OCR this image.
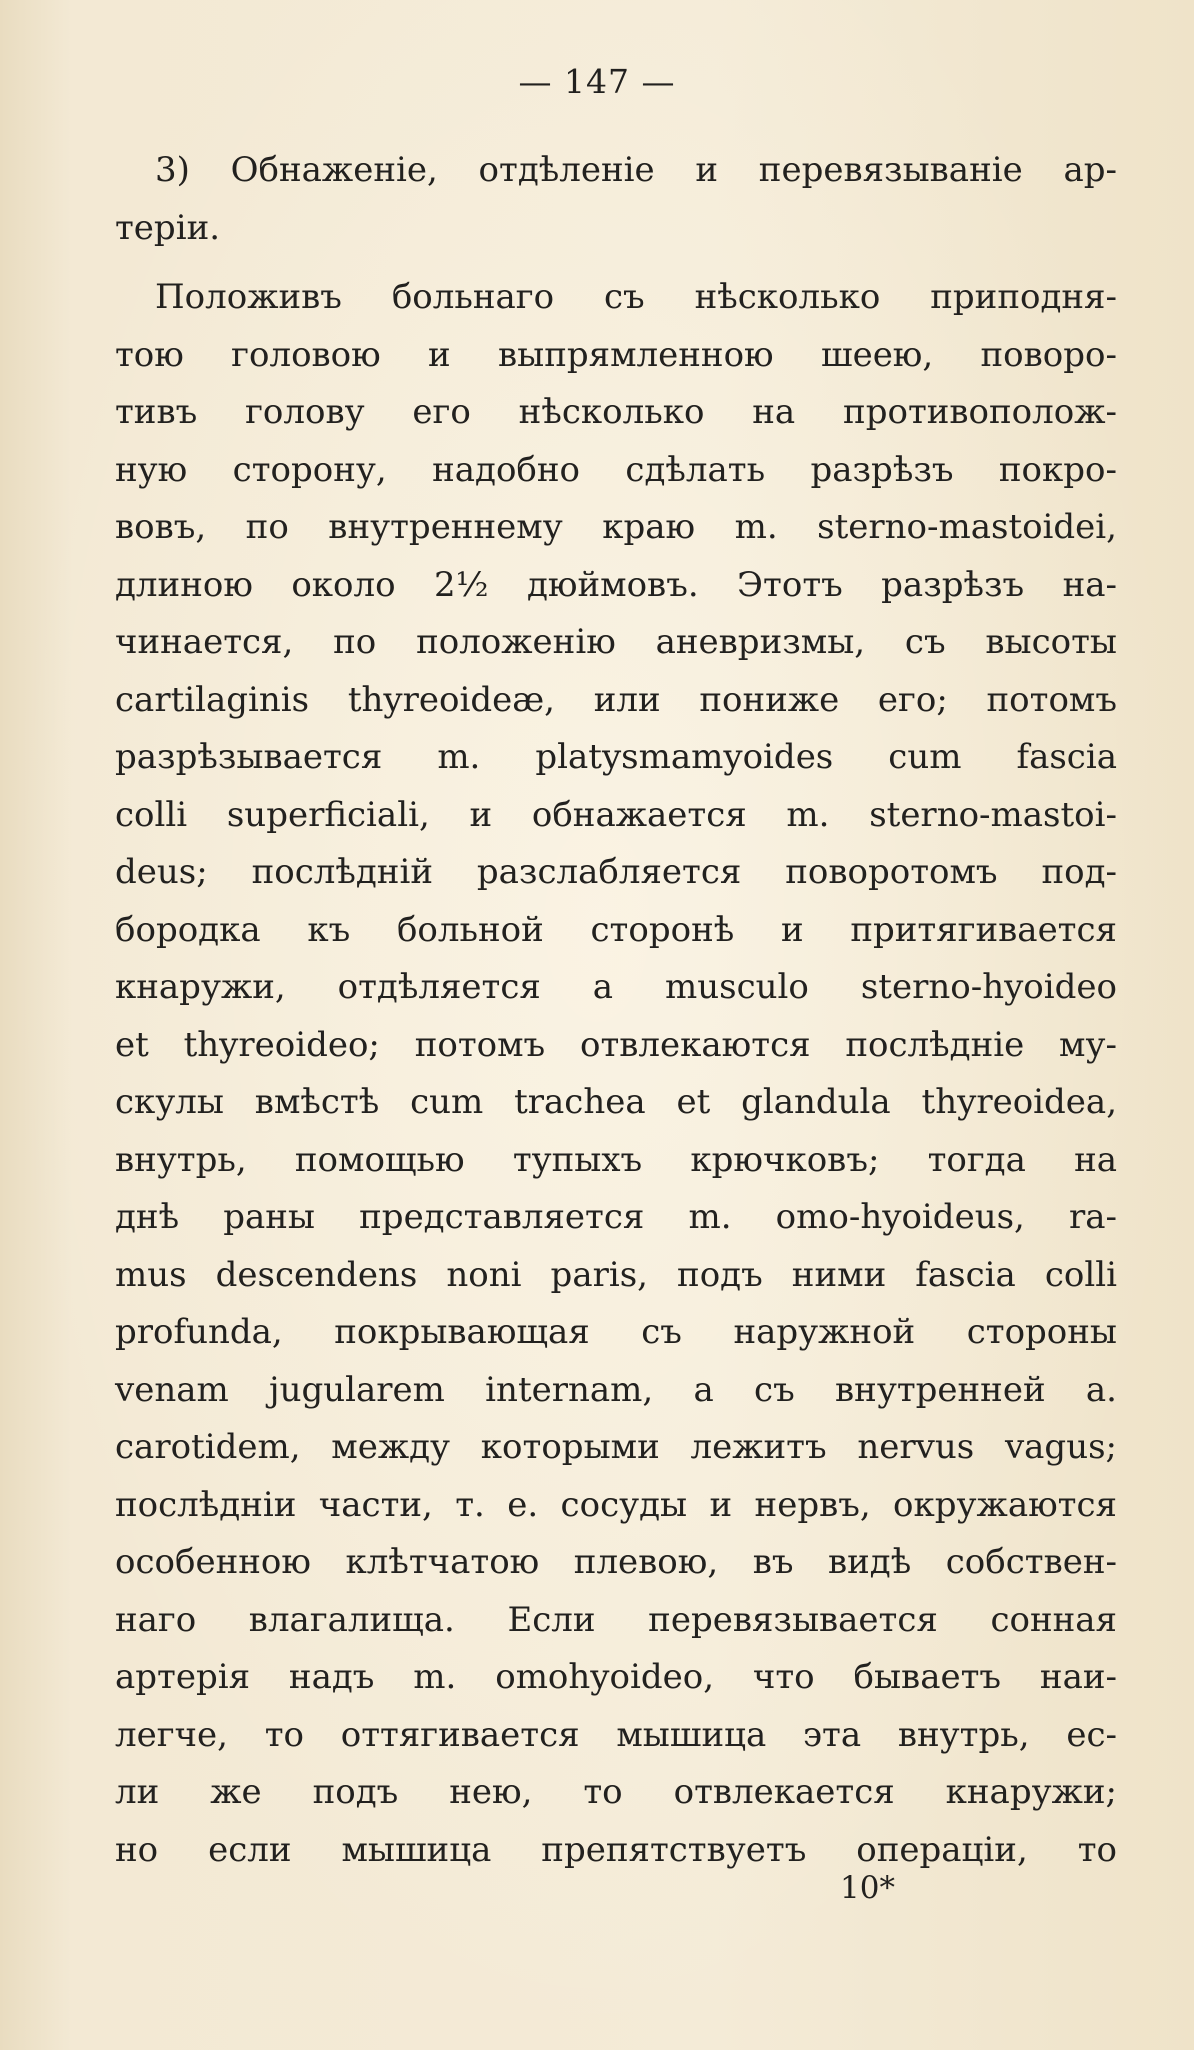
— 147 —
3) Обнаженіе, отдѣленіе и перевязываніе ар-
теріи.
Положивъ больнаго съ нѣсколько приподня-
тою головою и выпрямленною шеею, поворо-
тивъ голову его нѣсколько на противополож-
ную сторону, надобно сдѣлать разрѣзъ покро-
вовъ, по внутреннему краю m. sterno-mastoidei,
длиною около 2½ дюймовъ. Этотъ разрѣзъ на-
чинается, по положенію аневризмы, съ высоты
cartilaginis thyreoideæ, или пониже его; потомъ
разрѣзывается m. platysmamyoides cum fascia
colli superficiali, и обнажается m. sterno-mastoi-
deus; послѣдній разслабляется поворотомъ под-
бородка къ больной сторонѣ и притягивается
кнаружи, отдѣляется a musculo sterno-hyoideo
et thyreoideo; потомъ отвлекаются послѣдніе му-
скулы вмѣстѣ cum trachea et glandula thyreoidea,
внутрь, помощью тупыхъ крючковъ; тогда на
днѣ раны представляется m. omo-hyoideus, ra-
mus descendens noni paris, подъ ними fascia colli
profunda, покрывающая съ наружной стороны
venam jugularem internam, а съ внутренней a.
carotidem, между которыми лежитъ nervus vagus;
послѣдніи части, т. е. сосуды и нервъ, окружаются
особенною клѣтчатою плевою, въ видѣ собствен-
наго влагалища. Если перевязывается сонная
артерія надъ m. omohyoideo, что бываетъ наи-
легче, то оттягивается мышица эта внутрь, ес-
ли же подъ нею, то отвлекается кнаружи;
но если мышица препятствуетъ операціи, то
10*
